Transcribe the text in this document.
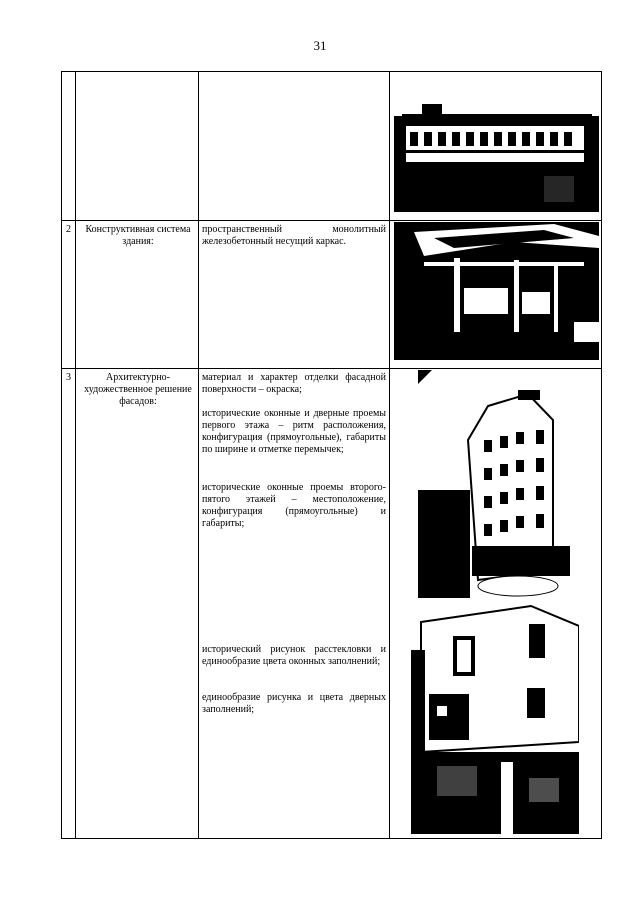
31
2	Конструктивная система здания:

пространственный монолитный железобетонный несущий каркас.

3	Архитектурно-художественное решение фасадов:

материал и характер отделки фасадной поверхности – окраска;

исторические оконные и дверные проемы первого этажа – ритм расположения, конфигурация (прямоугольные), габариты по ширине и отметке перемычек;

исторические оконные проемы второго-пятого этажей – местоположение, конфигурация (прямоугольные) и габариты;

исторический рисунок расстекловки и единообразие цвета оконных заполнений;

единообразие рисунка и цвета дверных заполнений;
